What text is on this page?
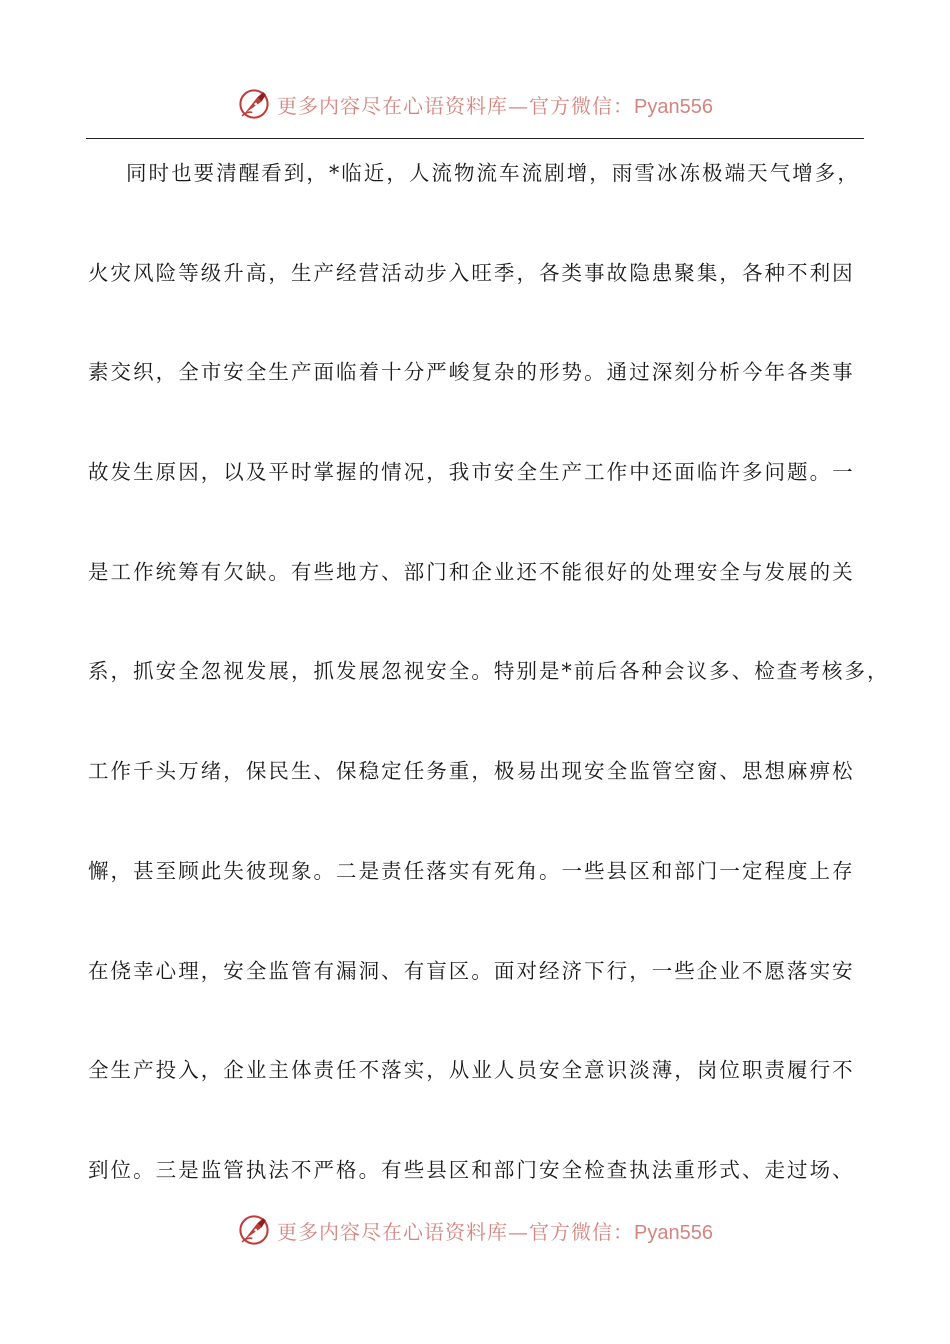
更多内容尽在心语资料库—官方微信：Pyan556
同时也要清醒看到，*临近，人流物流车流剧增，雨雪冰冻极端天气增多，
火灾风险等级升高，生产经营活动步入旺季，各类事故隐患聚集，各种不利因
素交织，全市安全生产面临着十分严峻复杂的形势。通过深刻分析今年各类事
故发生原因，以及平时掌握的情况，我市安全生产工作中还面临许多问题。一
是工作统筹有欠缺。有些地方、部门和企业还不能很好的处理安全与发展的关
系，抓安全忽视发展，抓发展忽视安全。特别是*前后各种会议多、检查考核多，
工作千头万绪，保民生、保稳定任务重，极易出现安全监管空窗、思想麻痹松
懈，甚至顾此失彼现象。二是责任落实有死角。一些县区和部门一定程度上存
在侥幸心理，安全监管有漏洞、有盲区。面对经济下行，一些企业不愿落实安
全生产投入，企业主体责任不落实，从业人员安全意识淡薄，岗位职责履行不
到位。三是监管执法不严格。有些县区和部门安全检查执法重形式、走过场、
更多内容尽在心语资料库—官方微信：Pyan556
